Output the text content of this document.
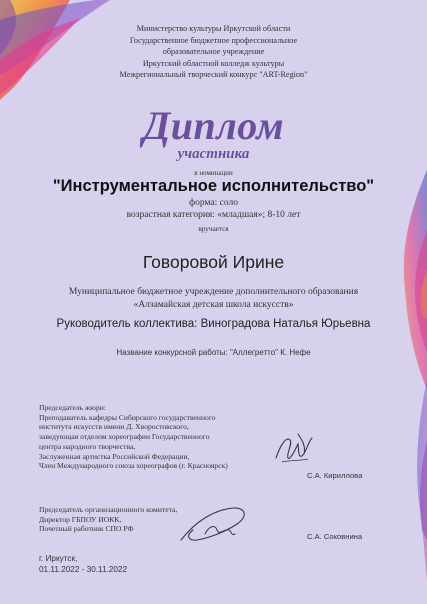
Министерство культуры Иркутской области
Государственное бюджетное профессиональное
образовательное учреждение
Иркутский областной колледж культуры
Межрегиональный творческий конкурс "ART-Region"
Диплом
участника
в номинации
"Инструментальное исполнительство"
форма: соло
возрастная категория: «младшая»; 8-10 лет
вручается
Говоровой Ирине
Муниципальное бюджетное учреждение дополнительного образования
«Алзамайская детская школа искусств»
Руководитель коллектива: Виноградова Наталья Юрьевна
Название конкурсной работы: "Аллегретто" К. Нефе
Председатель жюри:
Преподаватель кафедры Сибирского государственного
института искусств имени Д. Хворостовского,
заведующая отделом хореографии Государственного
центра народного творчества,
Заслуженная артистка Российской Федерации,
Член Международного союза хореографов (г. Красноярск)
С.А. Кириллова
Председатель организационного комитета,
Директор ГБПОУ ИОКК,
Почетный работник СПО РФ
С.А. Соковнина
г. Иркутск,
01.11.2022 - 30.11.2022
